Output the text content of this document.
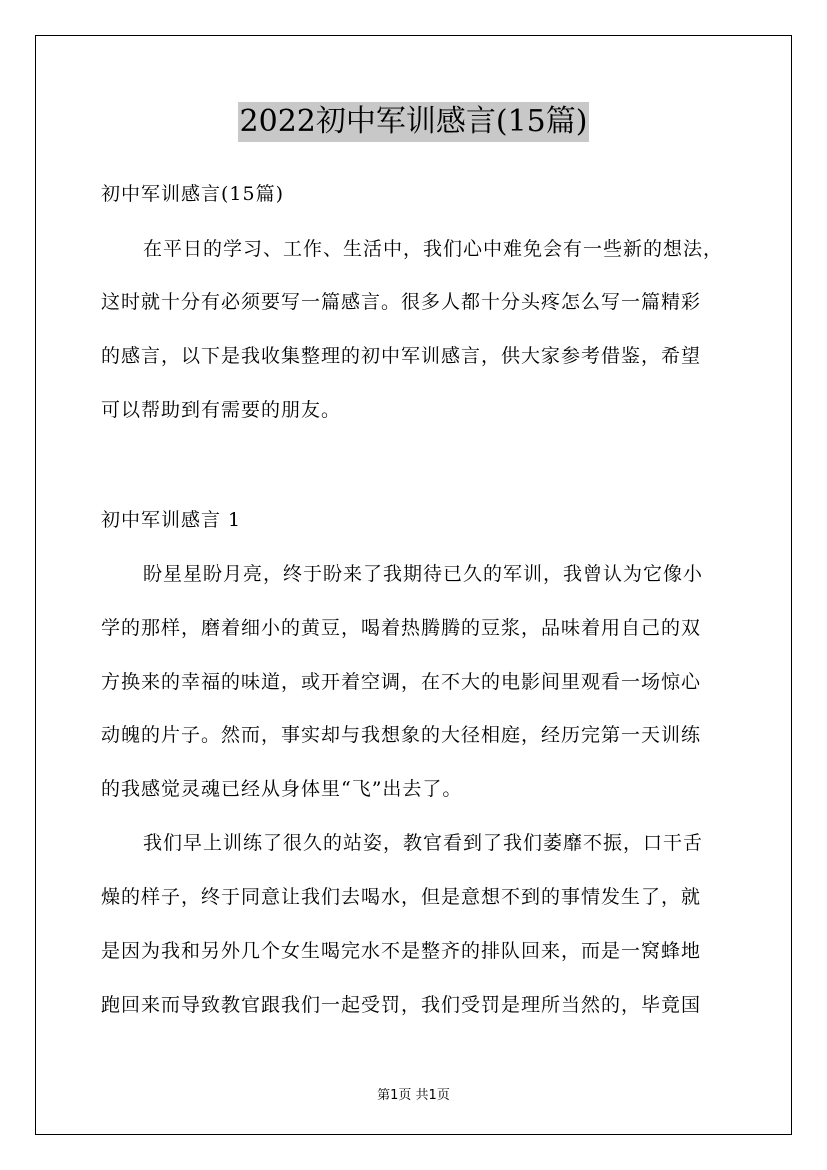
2022初中军训感言(15篇)
初中军训感言(15篇)
在平日的学习、工作、生活中，我们心中难免会有一些新的想法，
这时就十分有必须要写一篇感言。很多人都十分头疼怎么写一篇精彩
的感言，以下是我收集整理的初中军训感言，供大家参考借鉴，希望
可以帮助到有需要的朋友。
初中军训感言 1
盼星星盼月亮，终于盼来了我期待已久的军训，我曾认为它像小
学的那样，磨着细小的黄豆，喝着热腾腾的豆浆，品味着用自己的双
方换来的幸福的味道，或开着空调，在不大的电影间里观看一场惊心
动魄的片子。然而，事实却与我想象的大径相庭，经历完第一天训练
的我感觉灵魂已经从身体里“飞”出去了。
我们早上训练了很久的站姿，教官看到了我们萎靡不振，口干舌
燥的样子，终于同意让我们去喝水，但是意想不到的事情发生了，就
是因为我和另外几个女生喝完水不是整齐的排队回来，而是一窝蜂地
跑回来而导致教官跟我们一起受罚，我们受罚是理所当然的，毕竟国
第1页 共1页
